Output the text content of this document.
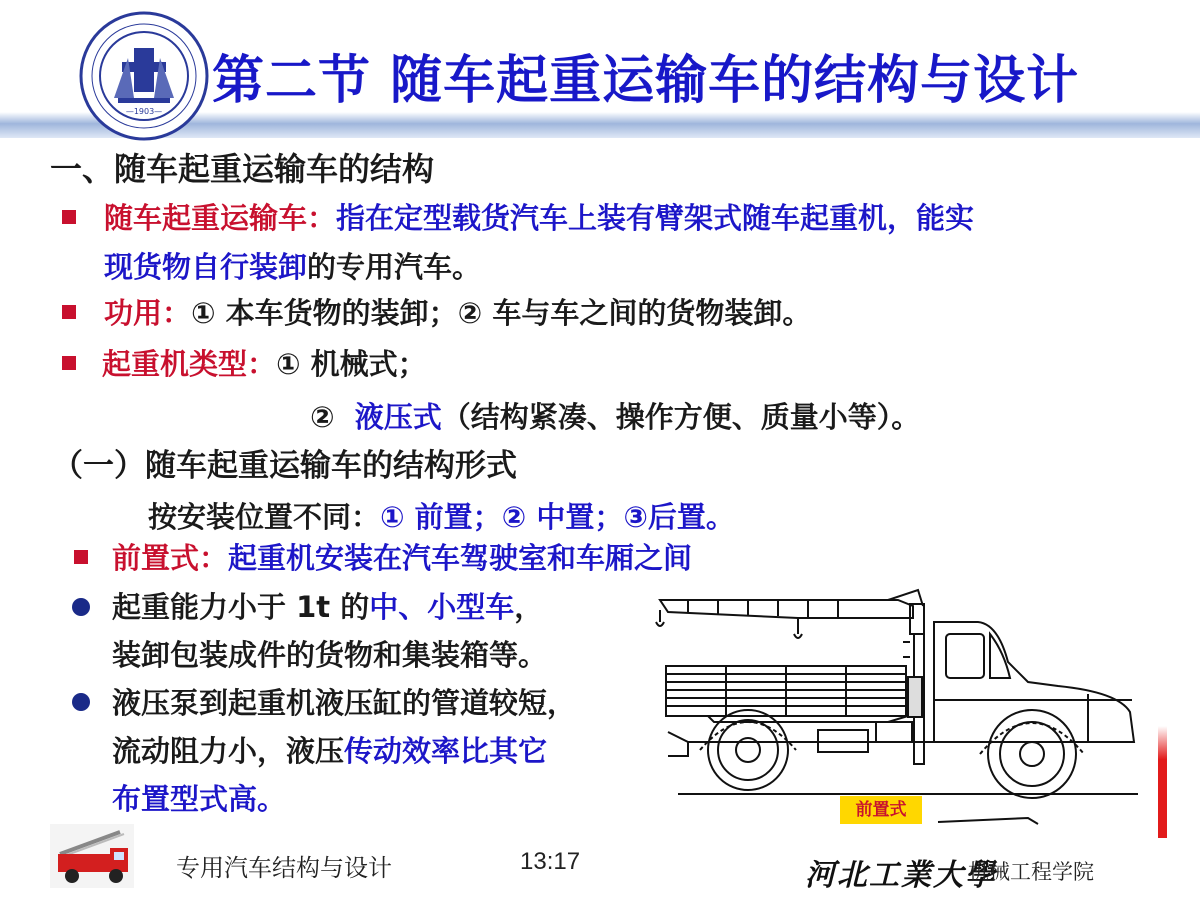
—1903—
第二节 随车起重运输车的结构与设计
一、随车起重运输车的结构
随车起重运输车：指在定型载货汽车上装有臂架式随车起重机，能实
现货物自行装卸的专用汽车。
功用：① 本车货物的装卸；② 车与车之间的货物装卸。
起重机类型：① 机械式；
② 液压式（结构紧凑、操作方便、质量小等）。
（一）随车起重运输车的结构形式
按安装位置不同：① 前置；② 中置；③后置。
前置式：起重机安装在汽车驾驶室和车厢之间
起重能力小于 1t 的中、小型车，
装卸包装成件的货物和集装箱等。
液压泵到起重机液压缸的管道较短，
流动阻力小，液压传动效率比其它
布置型式高。	前置式
专用汽车结构与设计	13:17	河北工業大學
机械工程学院
